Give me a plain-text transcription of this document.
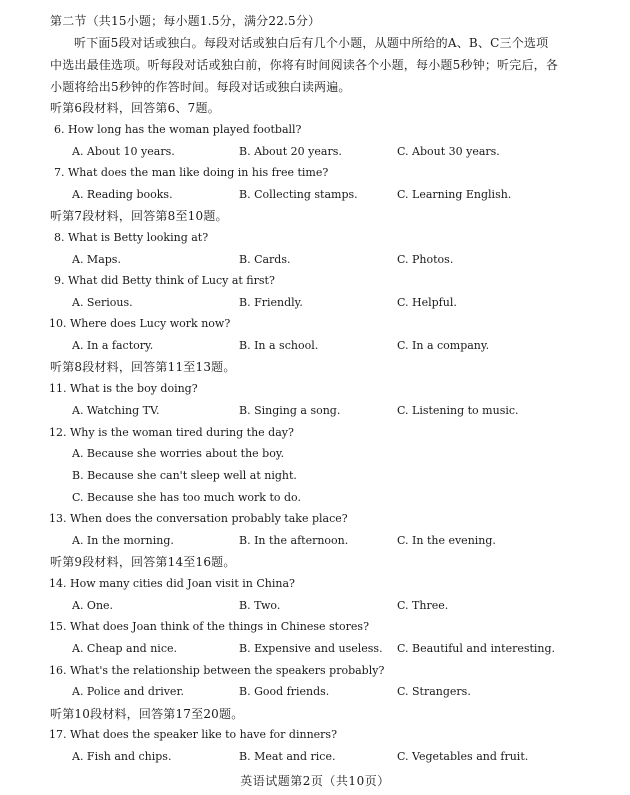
第二节（共15小题；每小题1.5分，满分22.5分）
听下面5段对话或独白。每段对话或独白后有几个小题，从题中所给的A、B、C三个选项
中选出最佳选项。听每段对话或独白前，你将有时间阅读各个小题，每小题5秒钟；听完后，各
小题将给出5秒钟的作答时间。每段对话或独白读两遍。
听第6段材料，回答第6、7题。
6. How long has the woman played football?
A. About 10 years.	B. About 20 years.	C. About 30 years.
7. What does the man like doing in his free time?
A. Reading books.	B. Collecting stamps.	C. Learning English.
听第7段材料，回答第8至10题。
8. What is Betty looking at?
A. Maps.	B. Cards.	C. Photos.
9. What did Betty think of Lucy at first?
A. Serious.	B. Friendly.	C. Helpful.
10. Where does Lucy work now?
A. In a factory.	B. In a school.	C. In a company.
听第8段材料，回答第11至13题。
11. What is the boy doing?
A. Watching TV.	B. Singing a song.	C. Listening to music.
12. Why is the woman tired during the day?
A. Because she worries about the boy.
B. Because she can't sleep well at night.
C. Because she has too much work to do.
13. When does the conversation probably take place?
A. In the morning.	B. In the afternoon.	C. In the evening.
听第9段材料，回答第14至16题。
14. How many cities did Joan visit in China?
A. One.	B. Two.	C. Three.
15. What does Joan think of the things in Chinese stores?
A. Cheap and nice.	B. Expensive and useless. C. Beautiful and interesting.
16. What's the relationship between the speakers probably?
A. Police and driver.	B. Good friends.	C. Strangers.
听第10段材料，回答第17至20题。
17. What does the speaker like to have for dinners?
A. Fish and chips.	B. Meat and rice.	C. Vegetables and fruit.
英语试题第2页（共10页）
